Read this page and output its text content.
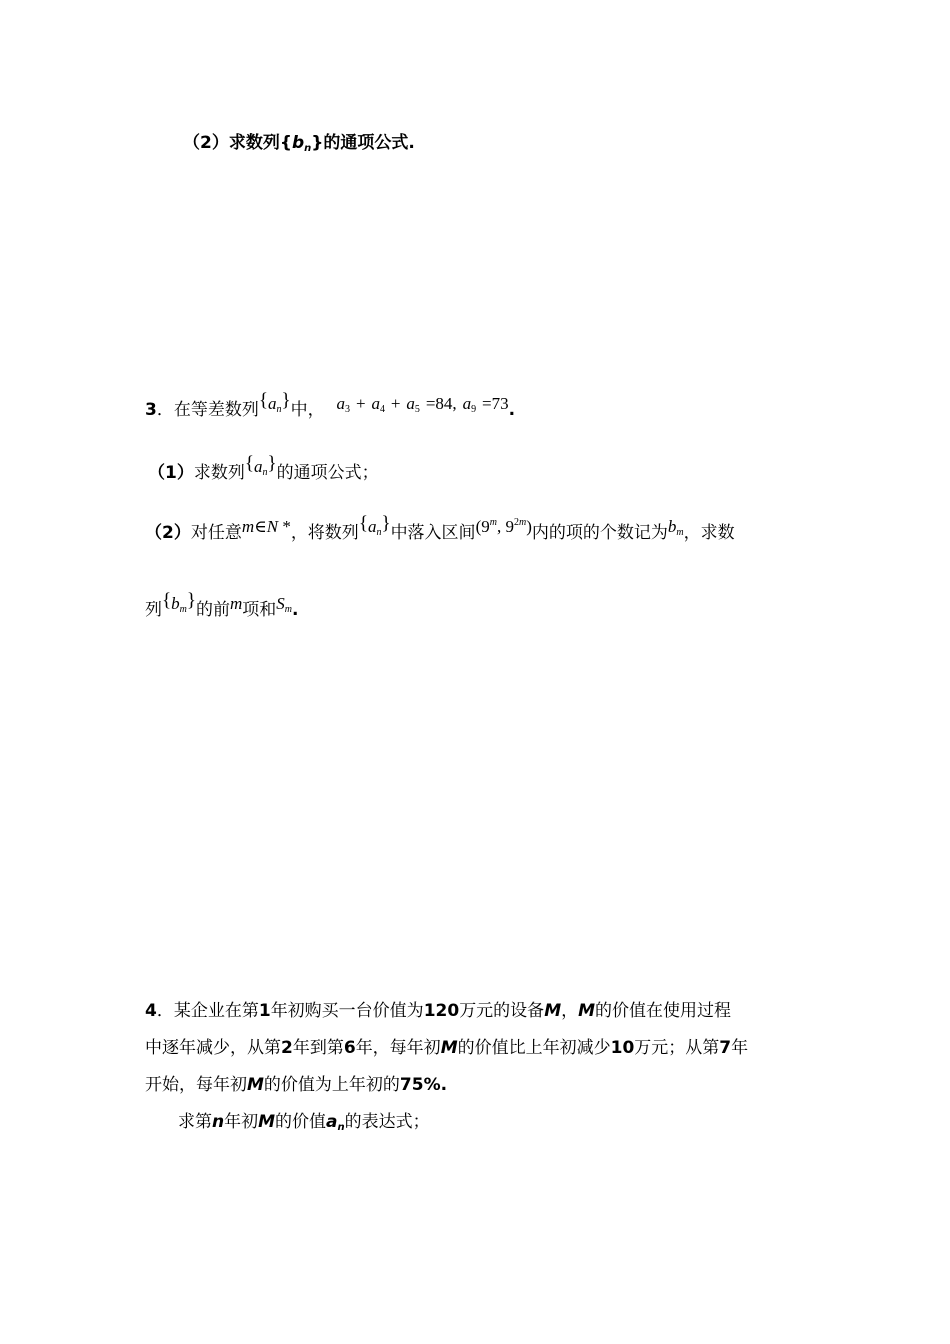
（2）求数列$\{b_n\}$的通项公式.
3．在等差数列$\{a_n\}$中， $a_3 + a_4 + a_5 =84$, $a_9 =73$.
（1）求数列$\{a_n\}$的通项公式；
（2）对任意m∈N *，将数列$\{a_n\}$中落入区间(9$^m$, $9^{2m}$)内的项的个数记为$b_m$，求数
列$\{b_m\}$的前m项和$S_m$.
4．某企业在第1年初购买一台价值为120万元的设备M，M的价值在使用过程
中逐年减少，从第2年到第6年，每年初M的价值比上年初减少10万元；从第7年
开始，每年初M的价值为上年初的75%.
求第n年初M的价值$a_n$的表达式；
